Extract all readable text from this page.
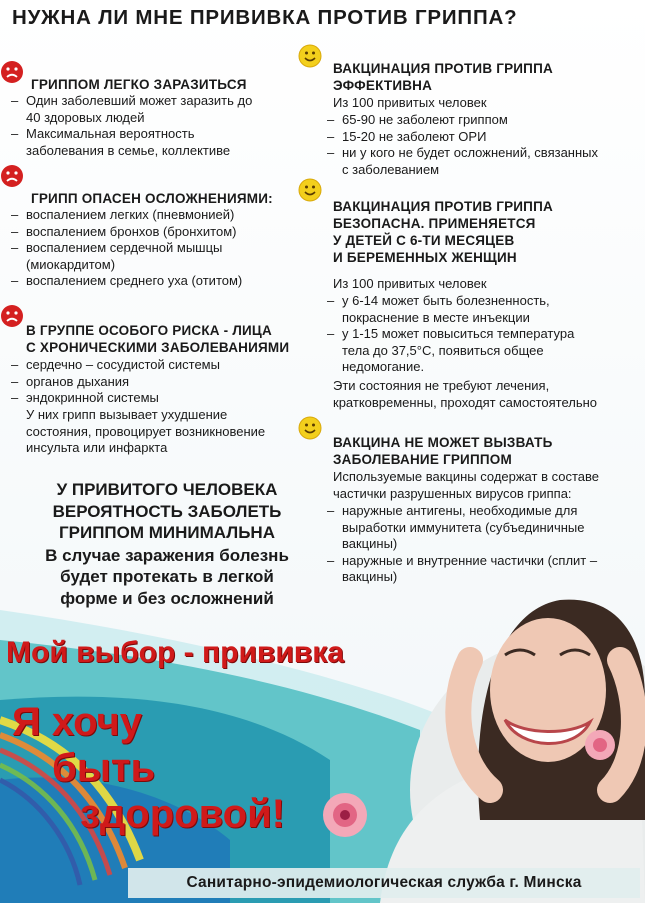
НУЖНА ЛИ МНЕ ПРИВИВКА ПРОТИВ ГРИППА?
ГРИППОМ ЛЕГКО ЗАРАЗИТЬСЯ
– Один заболевший может заразить до 40 здоровых людей
– Максимальная вероятность заболевания в семье, коллективе
ГРИПП ОПАСЕН ОСЛОЖНЕНИЯМИ:
– воспалением легких (пневмонией)
– воспалением бронхов (бронхитом)
– воспалением сердечной мышцы (миокардитом)
– воспалением среднего уха (отитом)
В ГРУППЕ ОСОБОГО РИСКА - ЛИЦА
С ХРОНИЧЕСКИМИ ЗАБОЛЕВАНИЯМИ
– сердечно – сосудистой системы
– органов дыхания
– эндокринной системы
У них грипп вызывает ухудшение состояния, провоцирует возникновение инсульта или инфаркта
ВАКЦИНАЦИЯ ПРОТИВ ГРИППА
ЭФФЕКТИВНА
Из 100 привитых человек
– 65-90 не заболеют гриппом
– 15-20 не заболеют ОРИ
– ни у кого не будет осложнений, связанных с заболеванием
ВАКЦИНАЦИЯ ПРОТИВ ГРИППА
БЕЗОПАСНА. ПРИМЕНЯЕТСЯ
У ДЕТЕЙ С 6-ТИ МЕСЯЦЕВ
И БЕРЕМЕННЫХ ЖЕНЩИН
Из 100 привитых человек
– у 6-14 может быть болезненность, покраснение в месте инъекции
– у 1-15 может повыситься температура тела до 37,5°С, появиться общее недомогание.
Эти состояния не требуют лечения, кратковременны, проходят самостоятельно
ВАКЦИНА НЕ МОЖЕТ ВЫЗВАТЬ
ЗАБОЛЕВАНИЕ ГРИППОМ
Используемые вакцины содержат в составе частички разрушенных вирусов гриппа:
– наружные антигены, необходимые для выработки иммунитета (субъединичные вакцины)
– наружные и внутренние частички (сплит – вакцины)
У ПРИВИТОГО ЧЕЛОВЕКА
ВЕРОЯТНОСТЬ ЗАБОЛЕТЬ
ГРИППОМ МИНИМАЛЬНА
В случае заражения болезнь
будет протекать в легкой
форме и без осложнений
Мой выбор - прививка
Я хочу
быть
здоровой!
Санитарно-эпидемиологическая служба г. Минска
